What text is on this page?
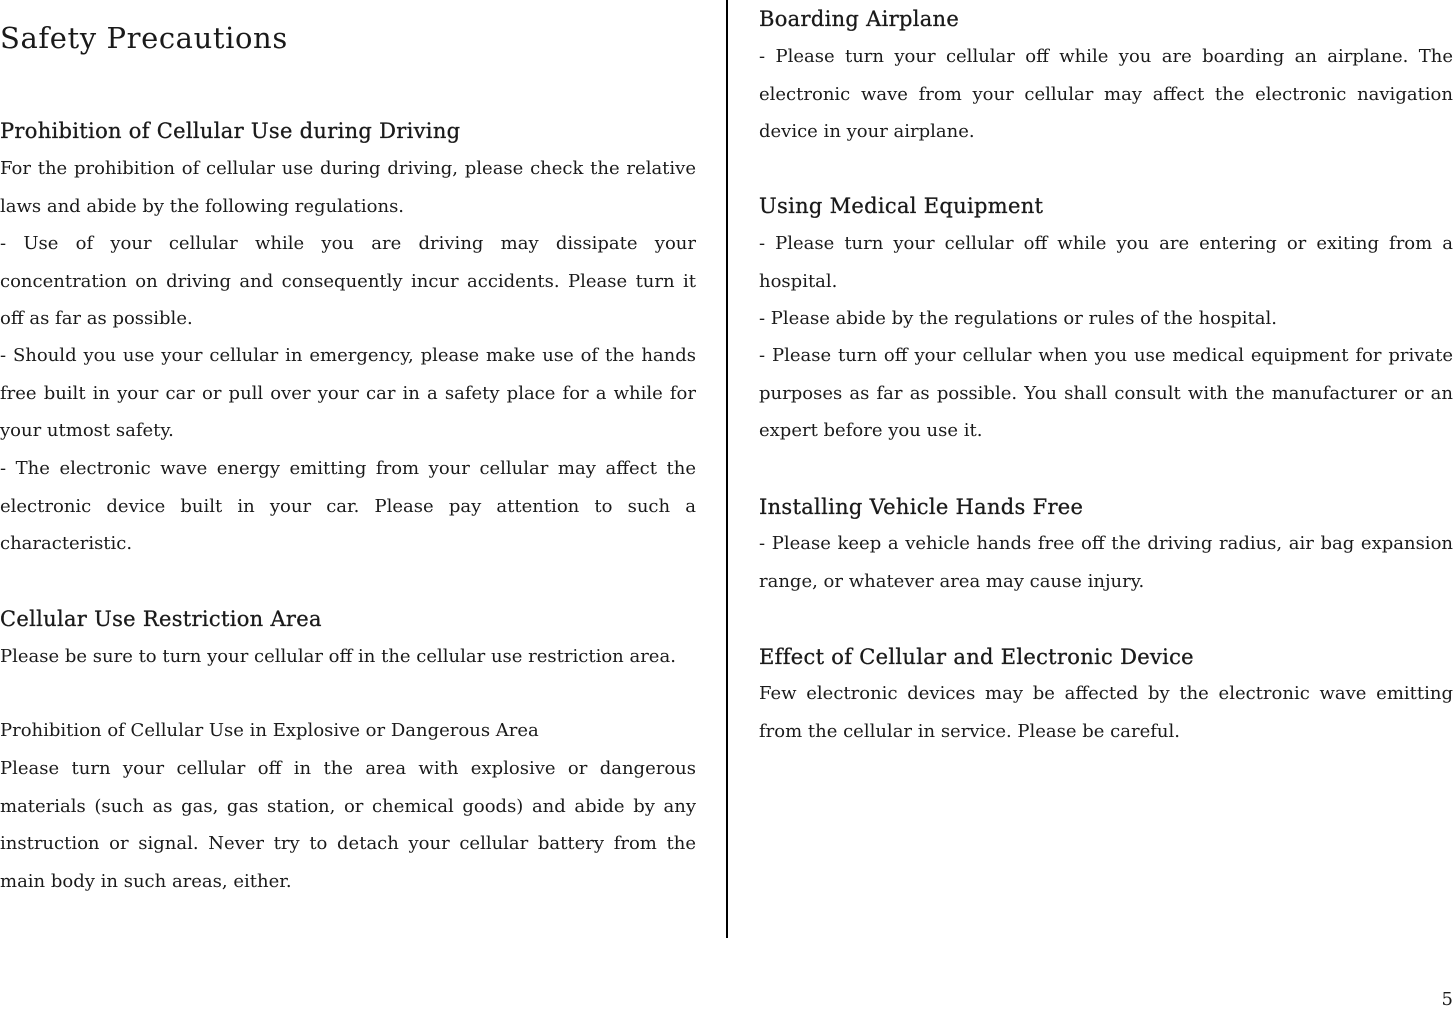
Safety Precautions
Prohibition of Cellular Use during Driving

For the prohibition of cellular use during driving, please check the relative laws and abide by the following regulations.

- Use of your cellular while you are driving may dissipate your concentration on driving and consequently incur accidents. Please turn it off as far as possible.

- Should you use your cellular in emergency, please make use of the hands free built in your car or pull over your car in a safety place for a while for your utmost safety.

- The electronic wave energy emitting from your cellular may affect the electronic device built in your car. Please pay attention to such a characteristic.

Cellular Use Restriction Area

Please be sure to turn your cellular off in the cellular use restriction area.

Prohibition of Cellular Use in Explosive or Dangerous Area

Please turn your cellular off in the area with explosive or dangerous materials (such as gas, gas station, or chemical goods) and abide by any instruction or signal. Never try to detach your cellular battery from the main body in such areas, either.

Boarding Airplane

- Please turn your cellular off while you are boarding an airplane. The electronic wave from your cellular may affect the electronic navigation device in your airplane.

Using Medical Equipment

- Please turn your cellular off while you are entering or exiting from a hospital.

- Please abide by the regulations or rules of the hospital.

- Please turn off your cellular when you use medical equipment for private purposes as far as possible. You shall consult with the manufacturer or an expert before you use it.

Installing Vehicle Hands Free

- Please keep a vehicle hands free off the driving radius, air bag expansion range, or whatever area may cause injury.

Effect of Cellular and Electronic Device

Few electronic devices may be affected by the electronic wave emitting from the cellular in service. Please be careful.

5
